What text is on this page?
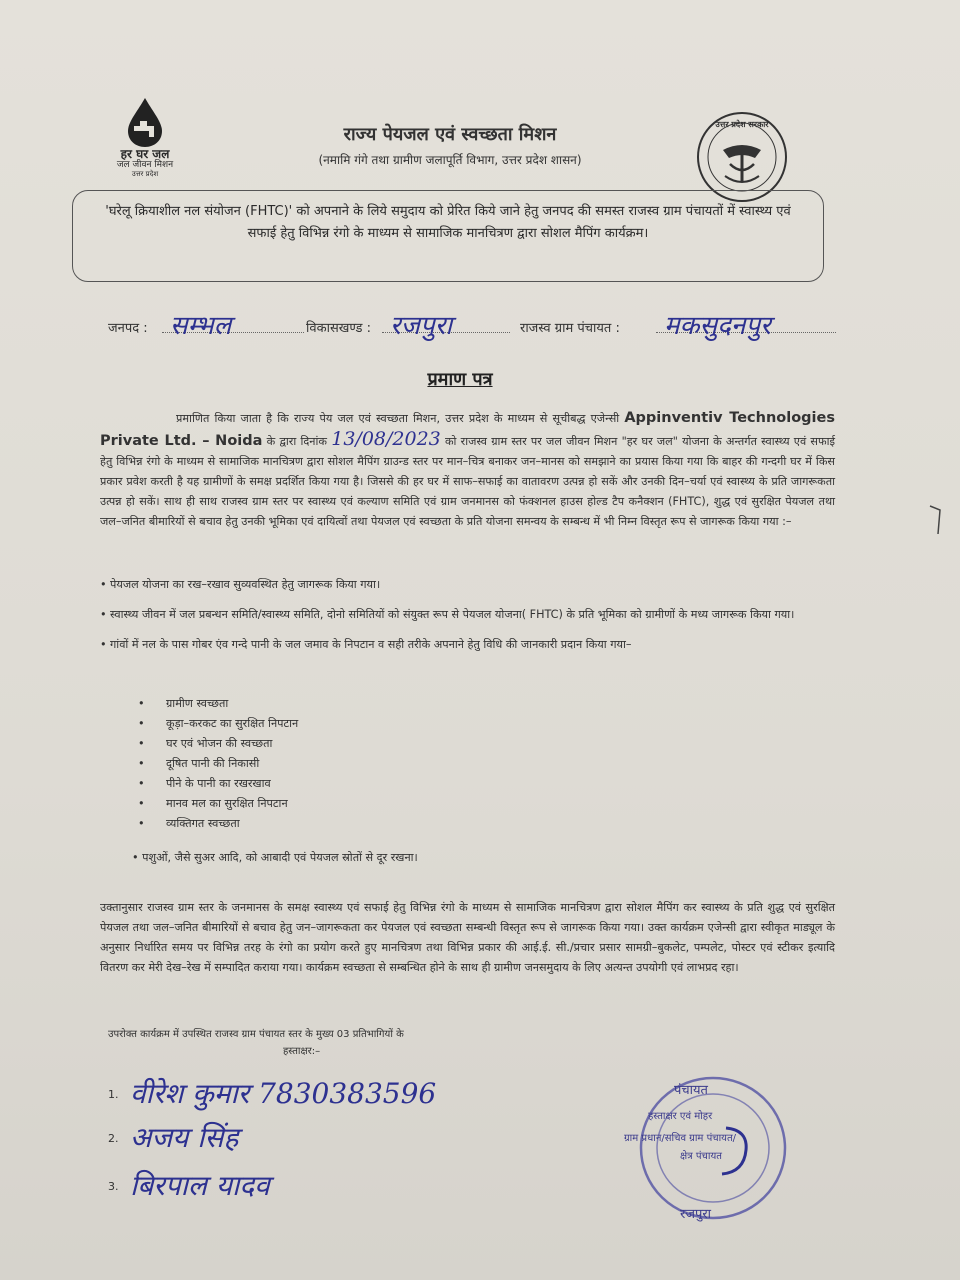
हर घर जल
जल जीवन मिशन
उत्तर प्रदेश
राज्य पेयजल एवं स्वच्छता मिशन
(नमामि गंगे तथा ग्रामीण जलापूर्ति विभाग, उत्तर प्रदेश शासन)
उत्तर प्रदेश सरकार
'घरेलू क्रियाशील नल संयोजन (FHTC)' को अपनाने के लिये समुदाय को प्रेरित किये जाने हेतु जनपद की समस्त राजस्व ग्राम पंचायतों में स्वास्थ्य एवं सफाई हेतु विभिन्न रंगो के माध्यम से सामाजिक मानचित्रण द्वारा सोशल मैपिंग कार्यक्रम।
जनपद : सम्भल	विकासखण्ड : रजपुरा	राजस्व ग्राम पंचायत : मकसुदनपुर
प्रमाण पत्र

प्रमाणित किया जाता है कि राज्य पेय जल एवं स्वच्छता मिशन, उत्तर प्रदेश के माध्यम से सूचीबद्ध एजेन्सी Appinventiv Technologies Private Ltd. – Noida के द्वारा दिनांक 13/08/2023 को राजस्व ग्राम स्तर पर जल जीवन मिशन "हर घर जल" योजना के अन्तर्गत स्वास्थ्य एवं सफाई हेतु विभिन्न रंगो के माध्यम से सामाजिक मानचित्रण द्वारा सोशल मैपिंग ग्राउन्ड स्तर पर मान–चित्र बनाकर जन–मानस को समझाने का प्रयास किया गया कि बाहर की गन्दगी घर में किस प्रकार प्रवेश करती है यह ग्रामीणों के समक्ष प्रदर्शित किया गया है। जिससे की हर घर में साफ–सफाई का वातावरण उत्पन्न हो सकें और उनकी दिन–चर्या एवं स्वास्थ्य के प्रति जागरूकता उत्पन्न हो सकें। साथ ही साथ राजस्व ग्राम स्तर पर स्वास्थ्य एवं कल्याण समिति एवं ग्राम जनमानस को फंक्शनल हाउस होल्ड टैप कनैक्शन (FHTC), शुद्ध एवं सुरक्षित पेयजल तथा जल–जनित बीमारियों से बचाव हेतु उनकी भूमिका एवं दायित्वों तथा पेयजल एवं स्वच्छता के प्रति योजना समन्वय के सम्बन्ध में भी निम्न विस्तृत रूप से जागरूक किया गया :–

• पेयजल योजना का रख–रखाव सुव्यवस्थित हेतु जागरूक किया गया।
• स्वास्थ्य जीवन में जल प्रबन्धन समिति/स्वास्थ्य समिति, दोनो समितियों को संयुक्त रूप से पेयजल योजना( FHTC) के प्रति भूमिका को ग्रामीणों के मध्य जागरूक किया गया।
• गांवों में नल के पास गोबर एंव गन्दे पानी के जल जमाव के निपटान व सही तरीके अपनाने हेतु विधि की जानकारी प्रदान किया गया–
• ग्रामीण स्वच्छता
• कूड़ा–करकट का सुरक्षित निपटान
• घर एवं भोजन की स्वच्छता
• दूषित पानी की निकासी
• पीने के पानी का रखरखाव
• मानव मल का सुरक्षित निपटान
• व्यक्तिगत स्वच्छता
• पशुओं, जैसे सुअर आदि, को आबादी एवं पेयजल स्रोतों से दूर रखना।

उक्तानुसार राजस्व ग्राम स्तर के जनमानस के समक्ष स्वास्थ्य एवं सफाई हेतु विभिन्न रंगो के माध्यम से सामाजिक मानचित्रण द्वारा सोशल मैपिंग कर स्वास्थ्य के प्रति शुद्ध एवं सुरक्षित पेयजल तथा जल–जनित बीमारियों से बचाव हेतु जन–जागरूकता कर पेयजल एवं स्वच्छता सम्बन्धी विस्तृत रूप से जागरूक किया गया। उक्त कार्यक्रम एजेन्सी द्वारा स्वीकृत माड्यूल के अनुसार निर्धारित समय पर विभिन्न तरह के रंगो का प्रयोग करते हुए मानचित्रण तथा विभिन्न प्रकार की आई.ई. सी./प्रचार प्रसार सामग्री–बुकलेट, पम्पलेट, पोस्टर एवं स्टीकर इत्यादि वितरण कर मेरी देख–रेख में सम्पादित कराया गया। कार्यक्रम स्वच्छता से सम्बन्धित होने के साथ ही ग्रामीण जनसमुदाय के लिए अत्यन्त उपयोगी एवं लाभप्रद रहा।

उपरोक्त कार्यक्रम में उपस्थित राजस्व ग्राम पंचायत स्तर के मुख्य 03 प्रतिभागियों के
हस्ताक्षर:–

1. वीरेश कुमार 7830383596
2. अजय सिंह
3. बिरपाल यादव
पंचायत
हस्ताक्षर एवं मोहर
ग्राम प्रधान/सचिव ग्राम पंचायत/
क्षेत्र पंचायत
रजपुरा
